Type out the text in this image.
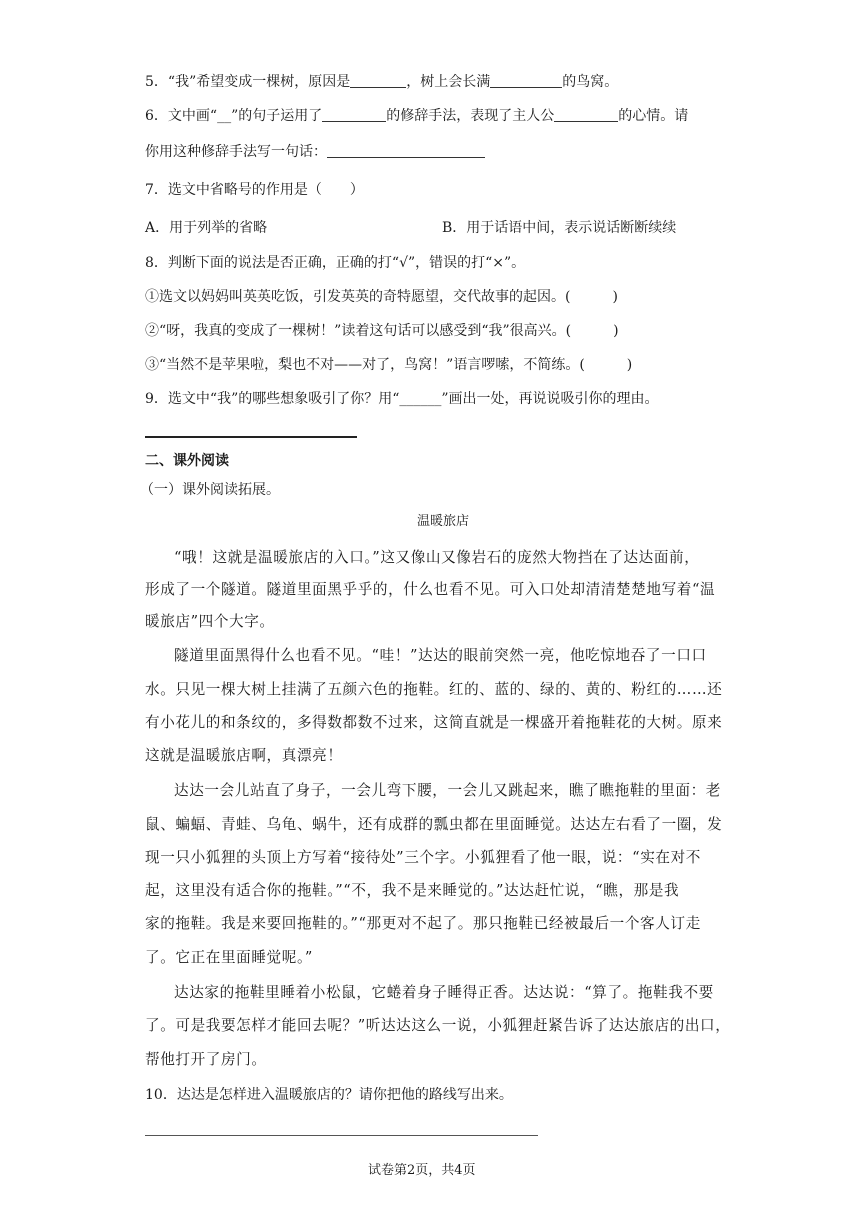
5．“我”希望变成一棵树，原因是	，树上会长满	的鸟窝。
6．文中画“__”的句子运用了	的修辞手法，表现了主人公	的心情。请
你用这种修辞手法写一句话：
7．选文中省略号的作用是（　　）
A．用于列举的省略	B．用于话语中间，表示说话断断续续
8．判断下面的说法是否正确，正确的打“√”，错误的打“×”。
①选文以妈妈叫英英吃饭，引发英英的奇特愿望，交代故事的起因。(　　　)
②“呀，我真的变成了一棵树！”读着这句话可以感受到“我”很高兴。(　　　)
③“当然不是苹果啦，梨也不对——对了，鸟窝！”语言啰嗦，不简练。(　　　)
9．选文中“我”的哪些想象吸引了你？用“______”画出一处，再说说吸引你的理由。
二、课外阅读
（一）课外阅读拓展。
温暖旅店
“哦！这就是温暖旅店的入口。”这又像山又像岩石的庞然大物挡在了达达面前，
形成了一个隧道。隧道里面黑乎乎的，什么也看不见。可入口处却清清楚楚地写着“温
暖旅店”四个大字。
隧道里面黑得什么也看不见。“哇！”达达的眼前突然一亮，他吃惊地吞了一口口
水。只见一棵大树上挂满了五颜六色的拖鞋。红的、蓝的、绿的、黄的、粉红的……还
有小花儿的和条纹的，多得数都数不过来，这简直就是一棵盛开着拖鞋花的大树。原来
这就是温暖旅店啊，真漂亮！
达达一会儿站直了身子，一会儿弯下腰，一会儿又跳起来，瞧了瞧拖鞋的里面：老
鼠、蝙蝠、青蛙、乌龟、蜗牛，还有成群的瓢虫都在里面睡觉。达达左右看了一圈，发
现一只小狐狸的头顶上方写着“接待处”三个字。小狐狸看了他一眼，说：“实在对不
起，这里没有适合你的拖鞋。”“不，我不是来睡觉的。”达达赶忙说，“瞧，那是我
家的拖鞋。我是来要回拖鞋的。”“那更对不起了。那只拖鞋已经被最后一个客人订走
了。它正在里面睡觉呢。”
达达家的拖鞋里睡着小松鼠，它蜷着身子睡得正香。达达说：“算了。拖鞋我不要
了。可是我要怎样才能回去呢？”听达达这么一说，小狐狸赶紧告诉了达达旅店的出口，
帮他打开了房门。
10．达达是怎样进入温暖旅店的？请你把他的路线写出来。
试卷第2页，共4页
